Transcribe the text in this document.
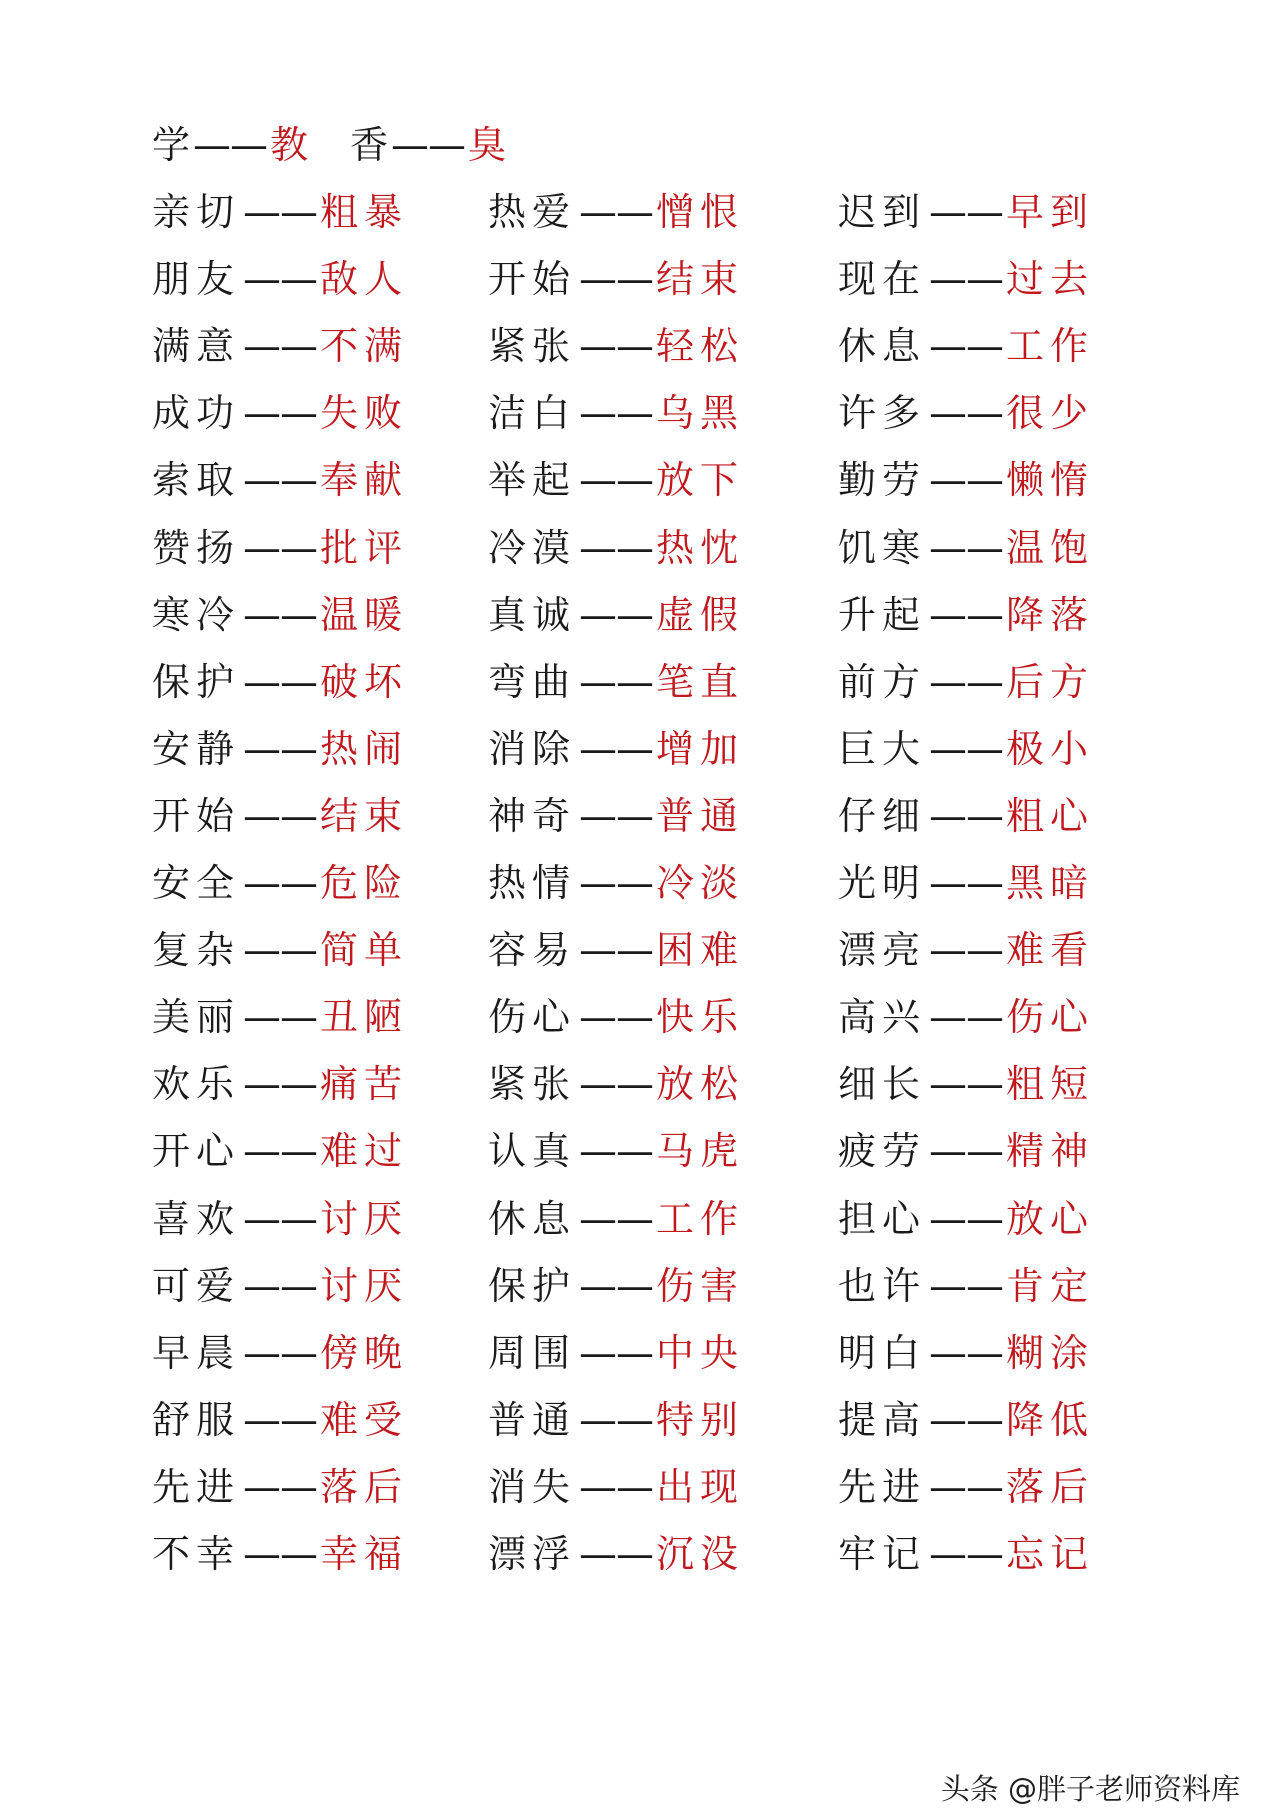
学——教 香——臭
亲切——粗暴 热爱——憎恨 迟到——早到
朋友——敌人 开始——结束 现在——过去
满意——不满 紧张——轻松 休息——工作
成功——失败 洁白——乌黑 许多——很少
索取——奉献 举起——放下 勤劳——懒惰
赞扬——批评 冷漠——热忱 饥寒——温饱
寒冷——温暖 真诚——虚假 升起——降落
保护——破坏 弯曲——笔直 前方——后方
安静——热闹 消除——增加 巨大——极小
开始——结束 神奇——普通 仔细——粗心
安全——危险 热情——冷淡 光明——黑暗
复杂——简单 容易——困难 漂亮——难看
美丽——丑陋 伤心——快乐 高兴——伤心
欢乐——痛苦 紧张——放松 细长——粗短
开心——难过 认真——马虎 疲劳——精神
喜欢——讨厌 休息——工作 担心——放心
可爱——讨厌 保护——伤害 也许——肯定
早晨——傍晚 周围——中央 明白——糊涂
舒服——难受 普通——特别 提高——降低
先进——落后 消失——出现 先进——落后
不幸——幸福 漂浮——沉没 牢记——忘记
头条 @胖子老师资料库
